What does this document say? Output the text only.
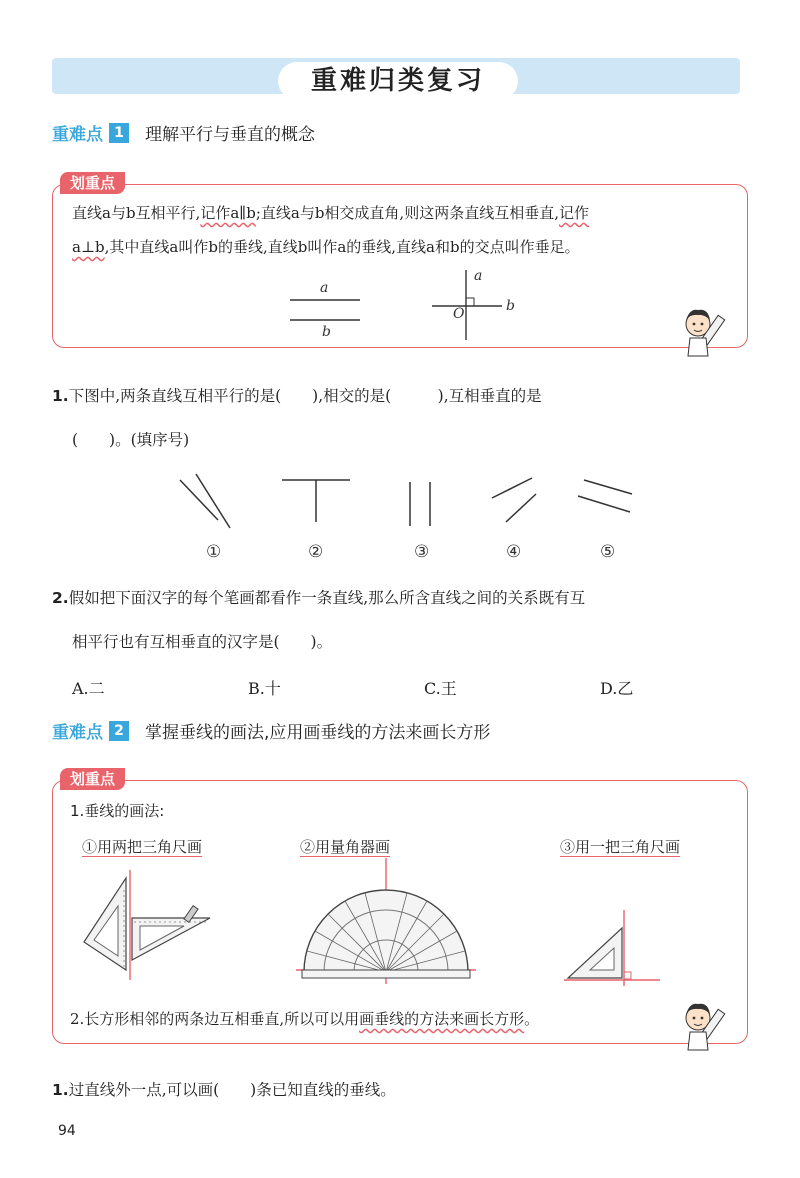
重难归类复习
重难点 1 理解平行与垂直的概念
划重点
直线a与b互相平行,记作a∥b;直线a与b相交成直角,则这两条直线互相垂直,记作
a⊥b,其中直线a叫作b的垂线,直线b叫作a的垂线,直线a和b的交点叫作垂足。
a
b
a
b
O
1.下图中,两条直线互相平行的是(　　),相交的是(　　　),互相垂直的是
(　　)。(填序号)
①	②	③	④	⑤
2.假如把下面汉字的每个笔画都看作一条直线,那么所含直线之间的关系既有互
相平行也有互相垂直的汉字是(　　)。
A.二	B.十	C.王	D.乙
重难点 2 掌握垂线的画法,应用画垂线的方法来画长方形
划重点
1.垂线的画法:
①用两把三角尺画	②用量角器画	③用一把三角尺画
2.长方形相邻的两条边互相垂直,所以可以用画垂线的方法来画长方形。
1.过直线外一点,可以画(　　)条已知直线的垂线。
94
